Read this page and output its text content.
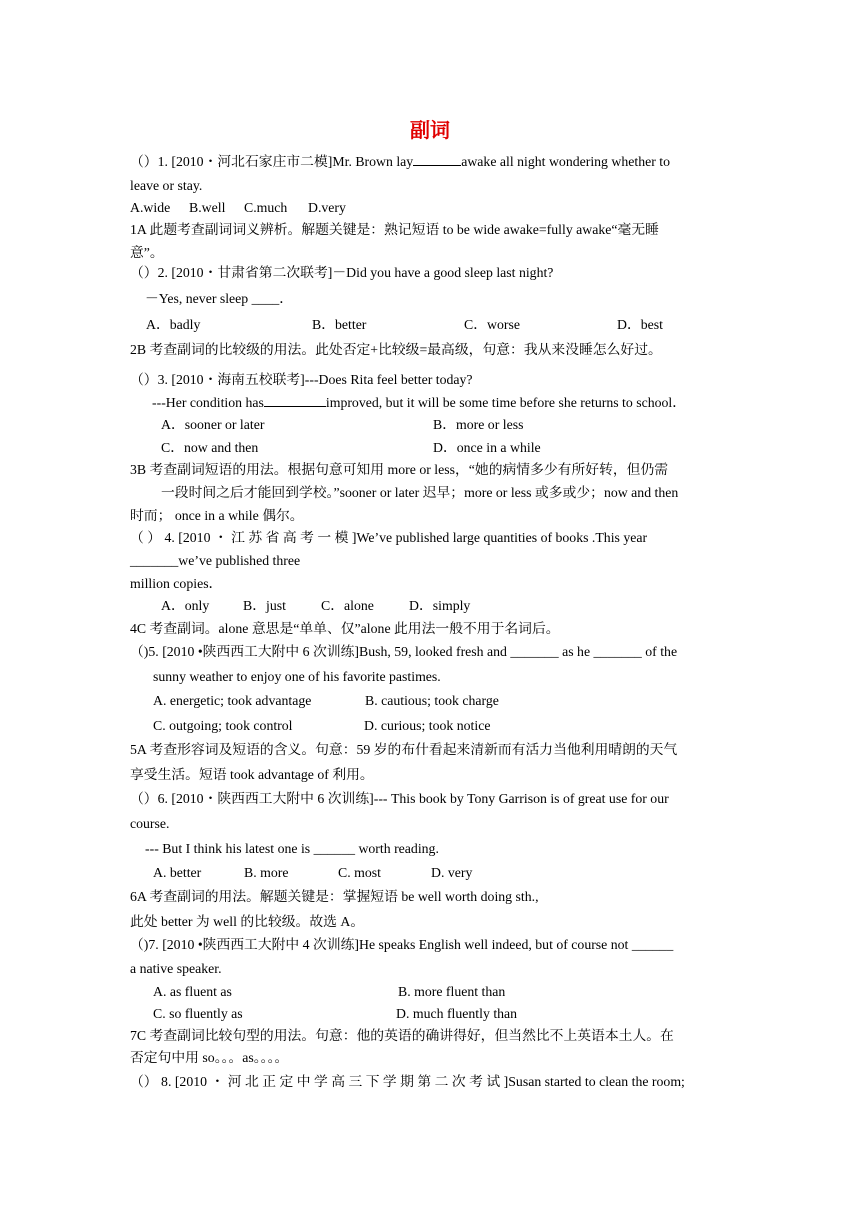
副词
（）1. [2010・河北石家庄市二模]Mr. Brown lay	awake all night wondering whether to
leave or stay.
A.wide B.well C.much D.very
1A 此题考查副词词义辨析。解题关键是：熟记短语 to be wide awake=fully awake“毫无睡
意”。
（）2. [2010・甘肃省第二次联考]－Did you have a good sleep last night?
－Yes, never sleep ____．
A．badly	B．better	C．worse	D．best
2B 考查副词的比较级的用法。此处否定+比较级=最高级，句意：我从来没睡怎么好过。
（）3. [2010・海南五校联考]---Does Rita feel better today?
---Her condition has	improved, but it will be some time before she returns to school．
A．sooner or later	B．more or less
C．now and then	D．once in a while
3B 考查副词短语的用法。根据句意可知用 more or less，“她的病情多少有所好转，但仍需
一段时间之后才能回到学校。”sooner or later 迟早；more or less 或多或少；now and then
时而； once in a while 偶尔。
（ ） 4. [2010 ・ 江 苏 省 高 考 一 模 ]We’ve published large quantities of books .This year
_______we’ve published three
million copies．
A．only B．just	C．alone	D．simply
4C 考查副词。alone 意思是“单单、仅”alone 此用法一般不用于名词后。
（)5. [2010 •陕西西工大附中 6 次训练]Bush, 59, looked fresh and _______ as he _______ of the
sunny weather to enjoy one of his favorite pastimes.
A. energetic; took advantage	B. cautious; took charge
C. outgoing; took control	D. curious; took notice
5A 考查形容词及短语的含义。句意：59 岁的布什看起来清新而有活力当他利用晴朗的天气
享受生活。短语 took advantage of 利用。
（）6. [2010・陕西西工大附中 6 次训练]--- This book by Tony Garrison is of great use for our
course.
--- But I think his latest one is ______ worth reading.
A. better	B. more	C. most	D. very
6A 考查副词的用法。解题关键是：掌握短语 be well worth doing sth.,
此处 better 为 well 的比较级。故选 A。
（)7. [2010 •陕西西工大附中 4 次训练]He speaks English well indeed, but of course not ______
a native speaker.
A. as fluent as	B. more fluent than
C. so fluently as	D. much fluently than
7C 考查副词比较句型的用法。句意：他的英语的确讲得好，但当然比不上英语本土人。在
否定句中用 so。。。as。。。。
（） 8. [2010 ・ 河 北 正 定 中 学 高 三 下 学 期 第 二 次 考 试 ]Susan started to clean the room;
